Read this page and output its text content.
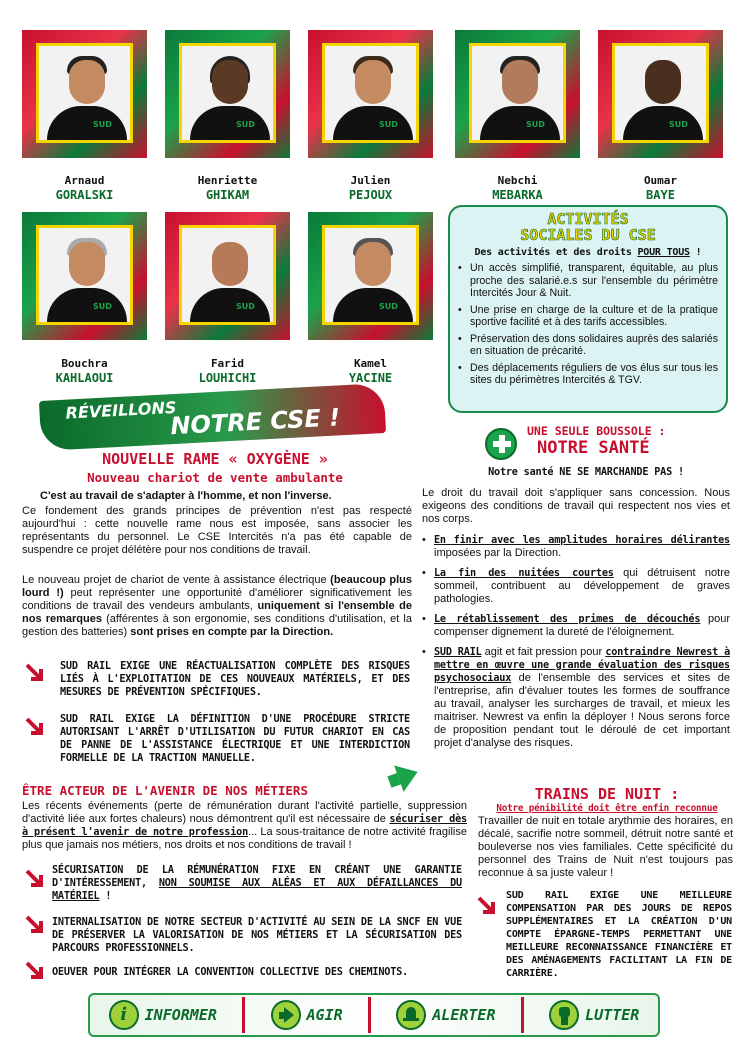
SUD	SUD	SUD	SUD	SUD
SUD	SUD	SUD
Arnaud
GORALSKI
Henriette
GHIKAM
Julien
PEJOUX
Nebchi
MEBARKA
Oumar
BAYE
Bouchra
KAHLAOUI
Farid
LOUHICHI
Kamel
YACINE
ACTIVITÉS
SOCIALES DU CSE
Des activités et des droits POUR TOUS !
• Un accès simplifié, transparent, équitable, au plus proche des salarié.e.s sur l'ensemble du périmètre Intercités Jour & Nuit.
• Une prise en charge de la culture et de la pratique sportive facilité et à des tarifs accessibles.
• Préservation des dons solidaires auprès des salariés en situation de précarité.
• Des déplacements réguliers de vos élus sur tous les sites du périmètres Intercités & TGV.
RÉVEILLONS
NOTRE CSE !
NOUVELLE RAME « OXYGÈNE »
Nouveau chariot de vente ambulante
C'est au travail de s'adapter à l'homme, et non l'inverse.
Ce fondement des grands principes de prévention n'est pas respecté aujourd'hui : cette nouvelle rame nous est imposée, sans associer les représentants du personnel. Le CSE Intercités n'a pas été capable de suspendre ce projet délétère pour nos conditions de travail.
Le nouveau projet de chariot de vente à assistance électrique (beaucoup plus lourd !) peut représenter une opportunité d'améliorer significativement les conditions de travail des vendeurs ambulants, uniquement si l'ensemble de nos remarques (afférentes à son ergonomie, ses conditions d'utilisation, et la gestion des batteries) sont prises en compte par la Direction.
SUD RAIL EXIGE UNE RÉACTUALISATION COMPLÈTE DES RISQUES LIÉS À L'EXPLOITATION DE CES NOUVEAUX MATÉRIELS, ET DES MESURES DE PRÉVENTION SPÉCIFIQUES.
SUD RAIL EXIGE LA DÉFINITION D'UNE PROCÉDURE STRICTE AUTORISANT L'ARRÊT D'UTILISATION DU FUTUR CHARIOT EN CAS DE PANNE DE L'ASSISTANCE ÉLECTRIQUE ET UNE INTERDICTION FORMELLE DE LA TRACTION MANUELLE.
UNE SEULE BOUSSOLE :
NOTRE SANTÉ
Notre santé NE SE MARCHANDE PAS !
Le droit du travail doit s'appliquer sans concession. Nous exigeons des conditions de travail qui respectent nos vies et nos corps.
• En finir avec les amplitudes horaires délirantes imposées par la Direction.
• La fin des nuitées courtes qui détruisent notre sommeil, contribuent au développement de graves pathologies.
• Le rétablissement des primes de découchés pour compenser dignement la dureté de l'éloignement.
• SUD RAIL agit et fait pression pour contraindre Newrest à mettre en œuvre une grande évaluation des risques psychosociaux de l'ensemble des services et sites de l'entreprise, afin d'évaluer toutes les formes de souffrance au travail, analyser les surcharges de travail, et mieux les maitriser. Newrest va enfin la déployer ! Nous serons force de proposition pendant tout le déroulé de cet important projet d'analyse des risques.
ÊTRE ACTEUR DE L'AVENIR DE NOS MÉTIERS
Les récents événements (perte de rémunération durant l'activité partielle, suppression d'activité liée aux fortes chaleurs) nous démontrent qu'il est nécessaire de sécuriser dès à présent l'avenir de notre profession... La sous-traitance de notre activité fragilise plus que jamais nos métiers, nos droits et nos conditions de travail !
SÉCURISATION DE LA RÉMUNÉRATION FIXE EN CRÉANT UNE GARANTIE D'INTÉRESSEMENT, NON SOUMISE AUX ALÉAS ET AUX DÉFAILLANCES DU MATÉRIEL !
INTERNALISATION DE NOTRE SECTEUR D'ACTIVITÉ AU SEIN DE LA SNCF EN VUE DE PRÉSERVER LA VALORISATION DE NOS MÉTIERS ET LA SÉCURISATION DES PARCOURS PROFESSIONNELS.
OEUVER POUR INTÉGRER LA CONVENTION COLLECTIVE DES CHEMINOTS.
TRAINS DE NUIT :
Notre pénibilité doit être enfin reconnue
Travailler de nuit en totale arythmie des horaires, en décalé, sacrifie notre sommeil, détruit notre santé et bouleverse nos vies familiales. Cette spécificité du personnel des Trains de Nuit n'est toujours pas reconnue à sa juste valeur !
SUD RAIL EXIGE UNE MEILLEURE COMPENSATION PAR DES JOURS DE REPOS SUPPLÉMENTAIRES ET LA CRÉATION D'UN COMPTE ÉPARGNE-TEMPS PERMETTANT UNE MEILLEURE RECONNAISSANCE FINANCIÈRE ET DES AMÉNAGEMENTS FACILITANT LA FIN DE CARRIÈRE.
i	INFORMER	AGIR	ALERTER	LUTTER
